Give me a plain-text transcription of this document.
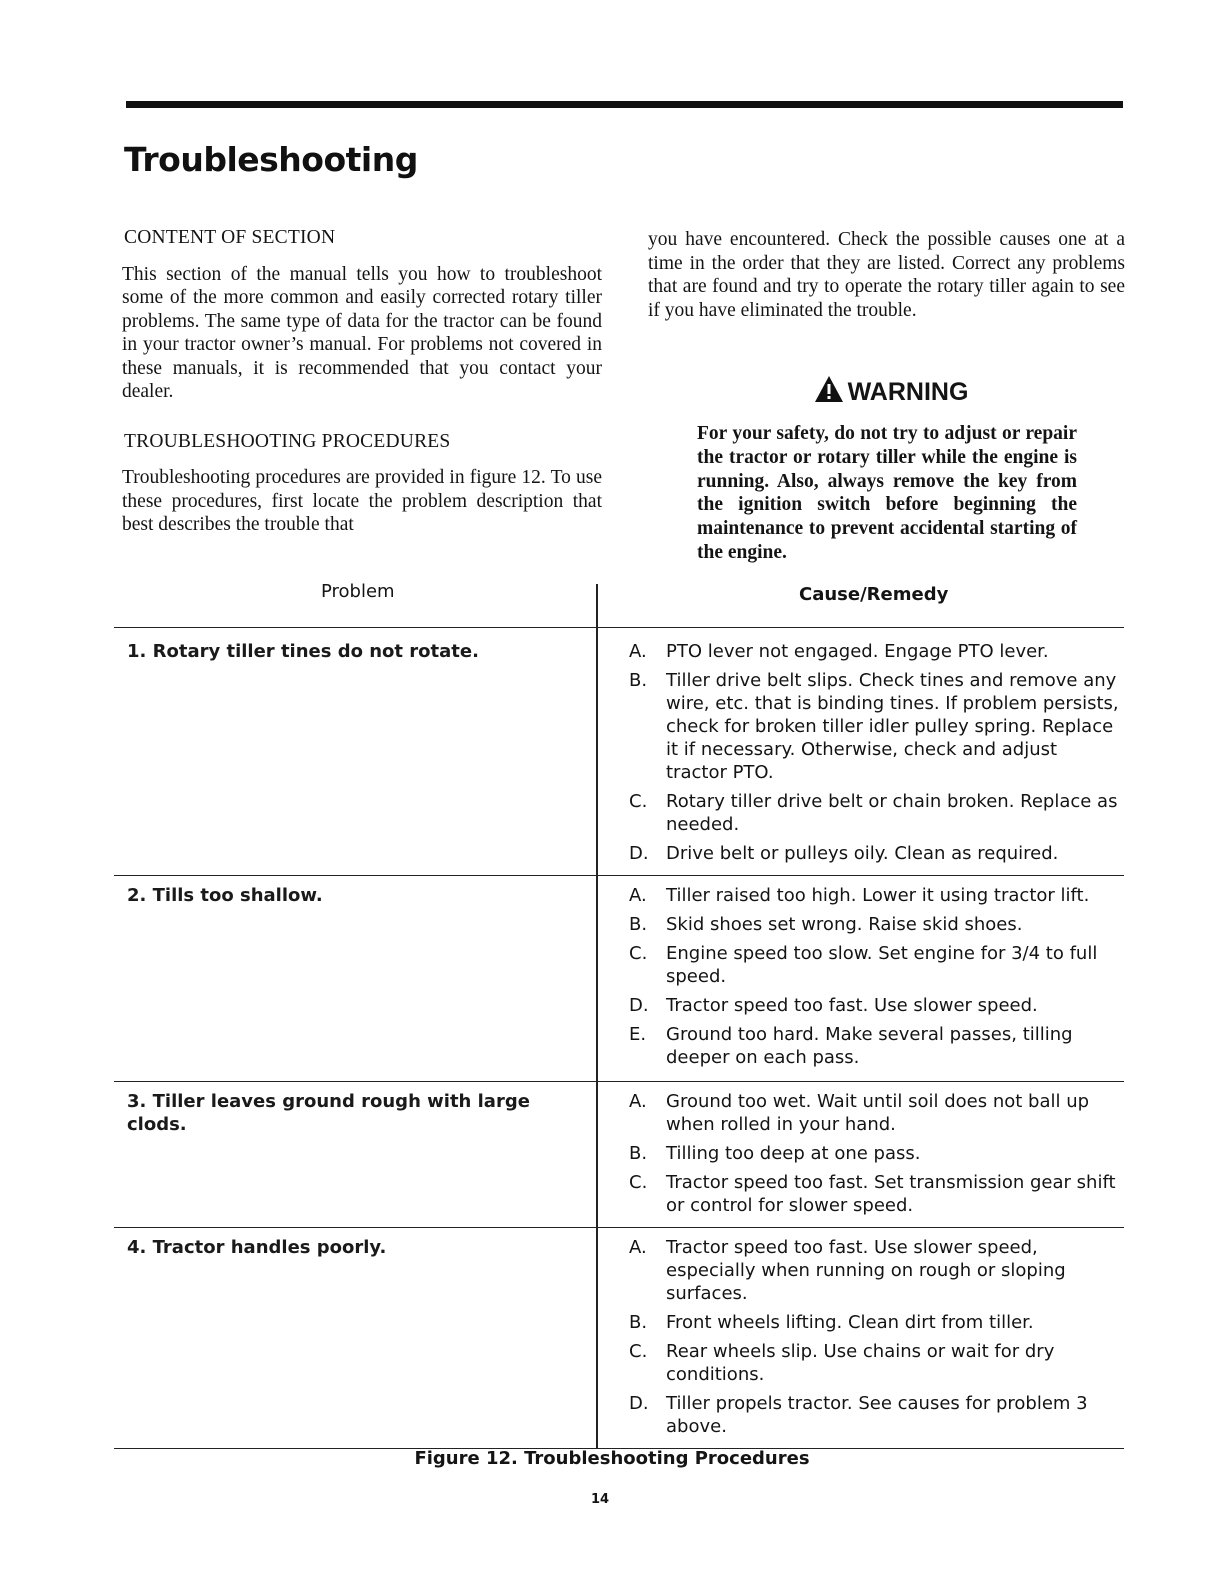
Troubleshooting

CONTENT OF SECTION

This section of the manual tells you how to troubleshoot some of the more common and easily corrected rotary tiller problems. The same type of data for the tractor can be found in your tractor owner’s manual. For problems not covered in these manuals, it is recommended that you contact your dealer.

TROUBLESHOOTING PROCEDURES

Troubleshooting procedures are provided in figure 12. To use these procedures, first locate the problem description that best describes the trouble that

you have encountered. Check the possible causes one at a time in the order that they are listed. Correct any problems that are found and try to operate the rotary tiller again to see if you have eliminated the trouble.

WARNING

For your safety, do not try to adjust or repair the tractor or rotary tiller while the engine is running. Also, always remove the key from the ignition switch before beginning the maintenance to prevent accidental starting of the engine.

Problem	Cause/Remedy
1. Rotary tiller tines do not rotate.	A.	PTO lever not engaged. Engage PTO lever.
B.	Tiller drive belt slips. Check tines and remove any wire, etc. that is binding tines. If problem persists, check for broken tiller idler pulley spring. Replace it if necessary. Otherwise, check and adjust tractor PTO.
C.	Rotary tiller drive belt or chain broken. Replace as needed.
D. Drive belt or pulleys oily. Clean as required.
2. Tills too shallow.	A.	Tiller raised too high. Lower it using tractor lift.
B.	Skid shoes set wrong. Raise skid shoes.
C.	Engine speed too slow. Set engine for 3/4 to full speed.
D. Tractor speed too fast. Use slower speed.
E.	Ground too hard. Make several passes, tilling deeper on each pass.
3. Tiller leaves ground rough with large clods.
A.	Ground too wet. Wait until soil does not ball up when rolled in your hand.
B.	Tilling too deep at one pass.
C.	Tractor speed too fast. Set transmission gear shift or control for slower speed.
4. Tractor handles poorly.	A.	Tractor speed too fast. Use slower speed, especially when running on rough or sloping surfaces.
B.	Front wheels lifting. Clean dirt from tiller.
C.	Rear wheels slip. Use chains or wait for dry conditions.
D. Tiller propels tractor. See causes for problem 3 above.
Figure 12. Troubleshooting Procedures
14
